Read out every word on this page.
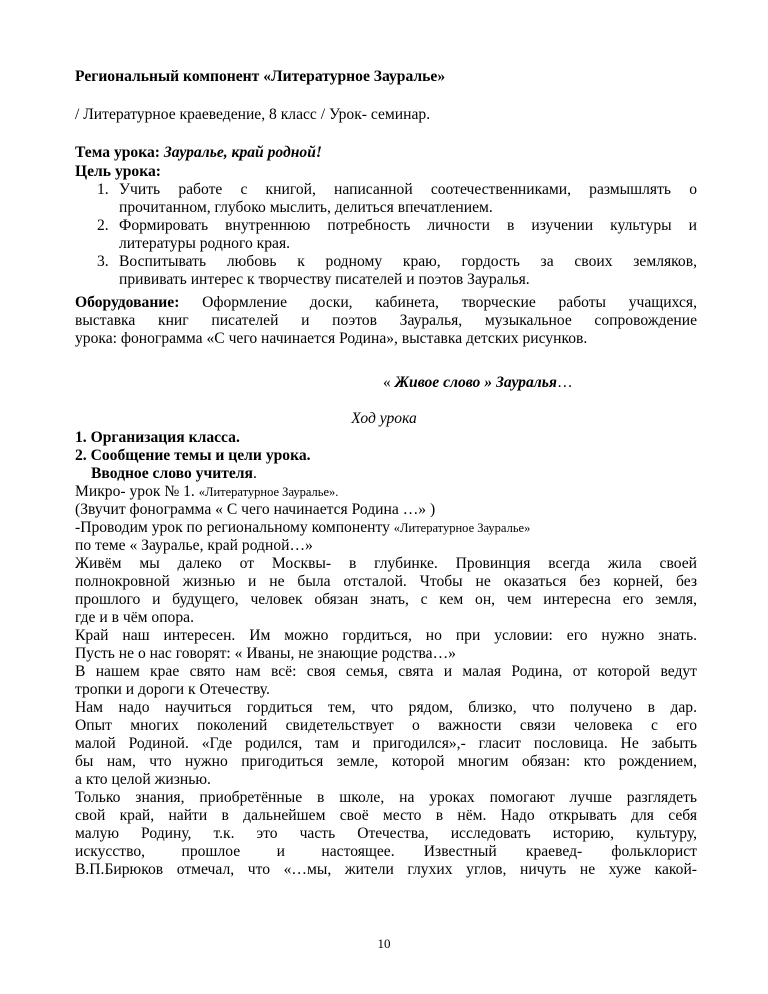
Региональный компонент «Литературное Зауралье»
/ Литературное краеведение, 8 класс / Урок- семинар.
Тема урока: Зауралье, край родной!
Цель урока:
1. Учить работе с книгой, написанной соотечественниками, размышлять о
прочитанном, глубоко мыслить, делиться впечатлением.
2. Формировать внутреннюю потребность личности в изучении культуры и
литературы родного края.
3. Воспитывать любовь к родному краю, гордость за своих земляков,
прививать интерес к творчеству писателей и поэтов Зауралья.
Оборудование: Оформление доски, кабинета, творческие работы учащихся,
выставка книг писателей и поэтов Зауралья, музыкальное сопровождение
урока: фонограмма «С чего начинается Родина», выставка детских рисунков.
« Живое слово » Зауралья…
Ход урока
1. Организация класса.
2. Сообщение темы и цели урока.
Вводное слово учителя.
Микро- урок № 1. «Литературное Зауралье».
(Звучит фонограмма « С чего начинается Родина …» )
-Проводим урок по региональному компоненту «Литературное Зауралье»
по теме « Зауралье, край родной…»
Живём мы далеко от Москвы- в глубинке. Провинция всегда жила своей
полнокровной жизнью и не была отсталой. Чтобы не оказаться без корней, без
прошлого и будущего, человек обязан знать, с кем он, чем интересна его земля,
где и в чём опора.
Край наш интересен. Им можно гордиться, но при условии: его нужно знать.
Пусть не о нас говорят: « Иваны, не знающие родства…»
В нашем крае свято нам всё: своя семья, свята и малая Родина, от которой ведут
тропки и дороги к Отечеству.
Нам надо научиться гордиться тем, что рядом, близко, что получено в дар.
Опыт многих поколений свидетельствует о важности связи человека с его
малой Родиной. «Где родился, там и пригодился»,- гласит пословица. Не забыть
бы нам, что нужно пригодиться земле, которой многим обязан: кто рождением,
а кто целой жизнью.
Только знания, приобретённые в школе, на уроках помогают лучше разглядеть
свой край, найти в дальнейшем своё место в нём. Надо открывать для себя
малую Родину, т.к. это часть Отечества, исследовать историю, культуру,
искусство,     прошлое     и     настоящее.    Известный    краевед-    фольклорист
В.П.Бирюков отмечал, что «…мы, жители глухих углов, ничуть не хуже какой-
10
